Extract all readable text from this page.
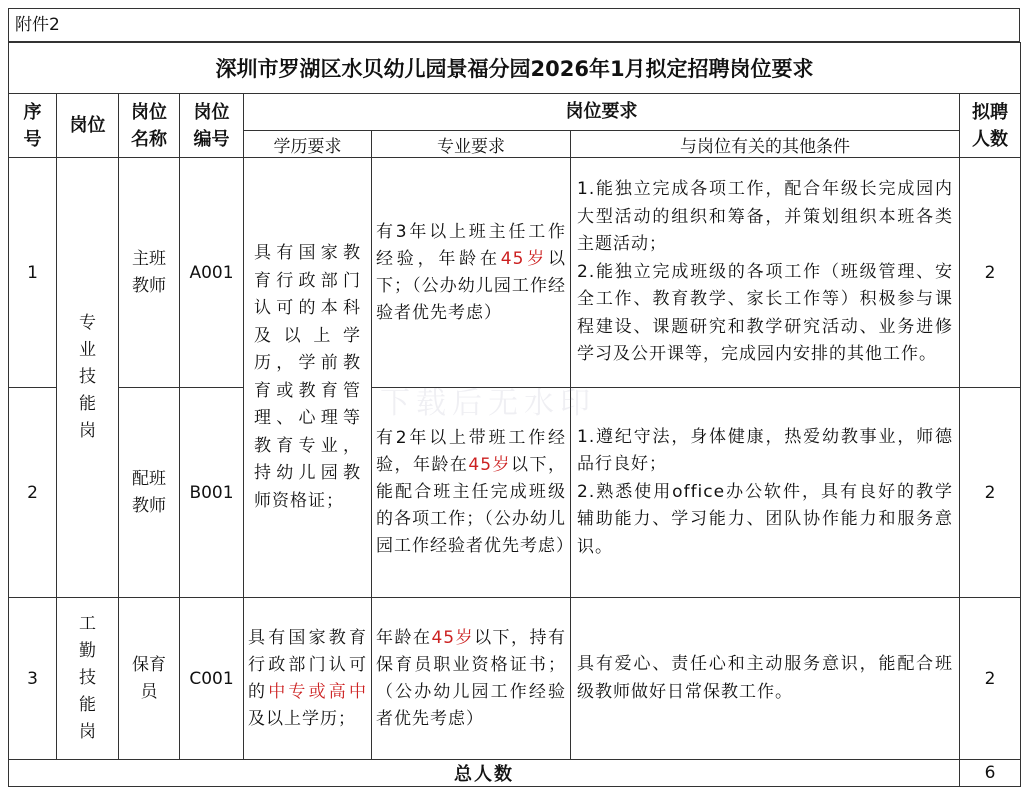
附件2
深圳市罗湖区水贝幼儿园景福分园2026年1月拟定招聘岗位要求							

序号	岗位	岗位名称	岗位编号	岗位要求			拟聘人数

				学历要求	专业要求	与岗位有关的其他条件	
1	专业技能岗	主班教师	A001	具有国家教育行政部门认可的本科及以上学历，学前教育或教育管理、心理等教育专业，持幼儿园教师资格证；	有3年以上班主任工作经验，年龄在45岁以下；（公办幼儿园工作经验者优先考虑）	1.能独立完成各项工作，配合年级长完成园内大型活动的组织和筹备，并策划组织本班各类主题活动；
2.能独立完成班级的各项工作（班级管理、安全工作、教育教学、家长工作等）积极参与课程建设、课题研究和教学研究活动、业务进修学习及公开课等，完成园内安排的其他工作。	2
2		配班教师	B001		有2年以上带班工作经验，年龄在45岁以下，能配合班主任完成班级的各项工作；（公办幼儿园工作经验者优先考虑）	1.遵纪守法，身体健康，热爱幼教事业，师德品行良好；
2.熟悉使用office办公软件，具有良好的教学辅助能力、学习能力、团队协作能力和服务意识。	2
3	工勤技能岗	保育员	C001	具有国家教育行政部门认可的中专或高中及以上学历；	年龄在45岁以下，持有保育员职业资格证书；（公办幼儿园工作经验者优先考虑）	具有爱心、责任心和主动服务意识，能配合班级教师做好日常保教工作。	2
总人数							6
下载后无水印
